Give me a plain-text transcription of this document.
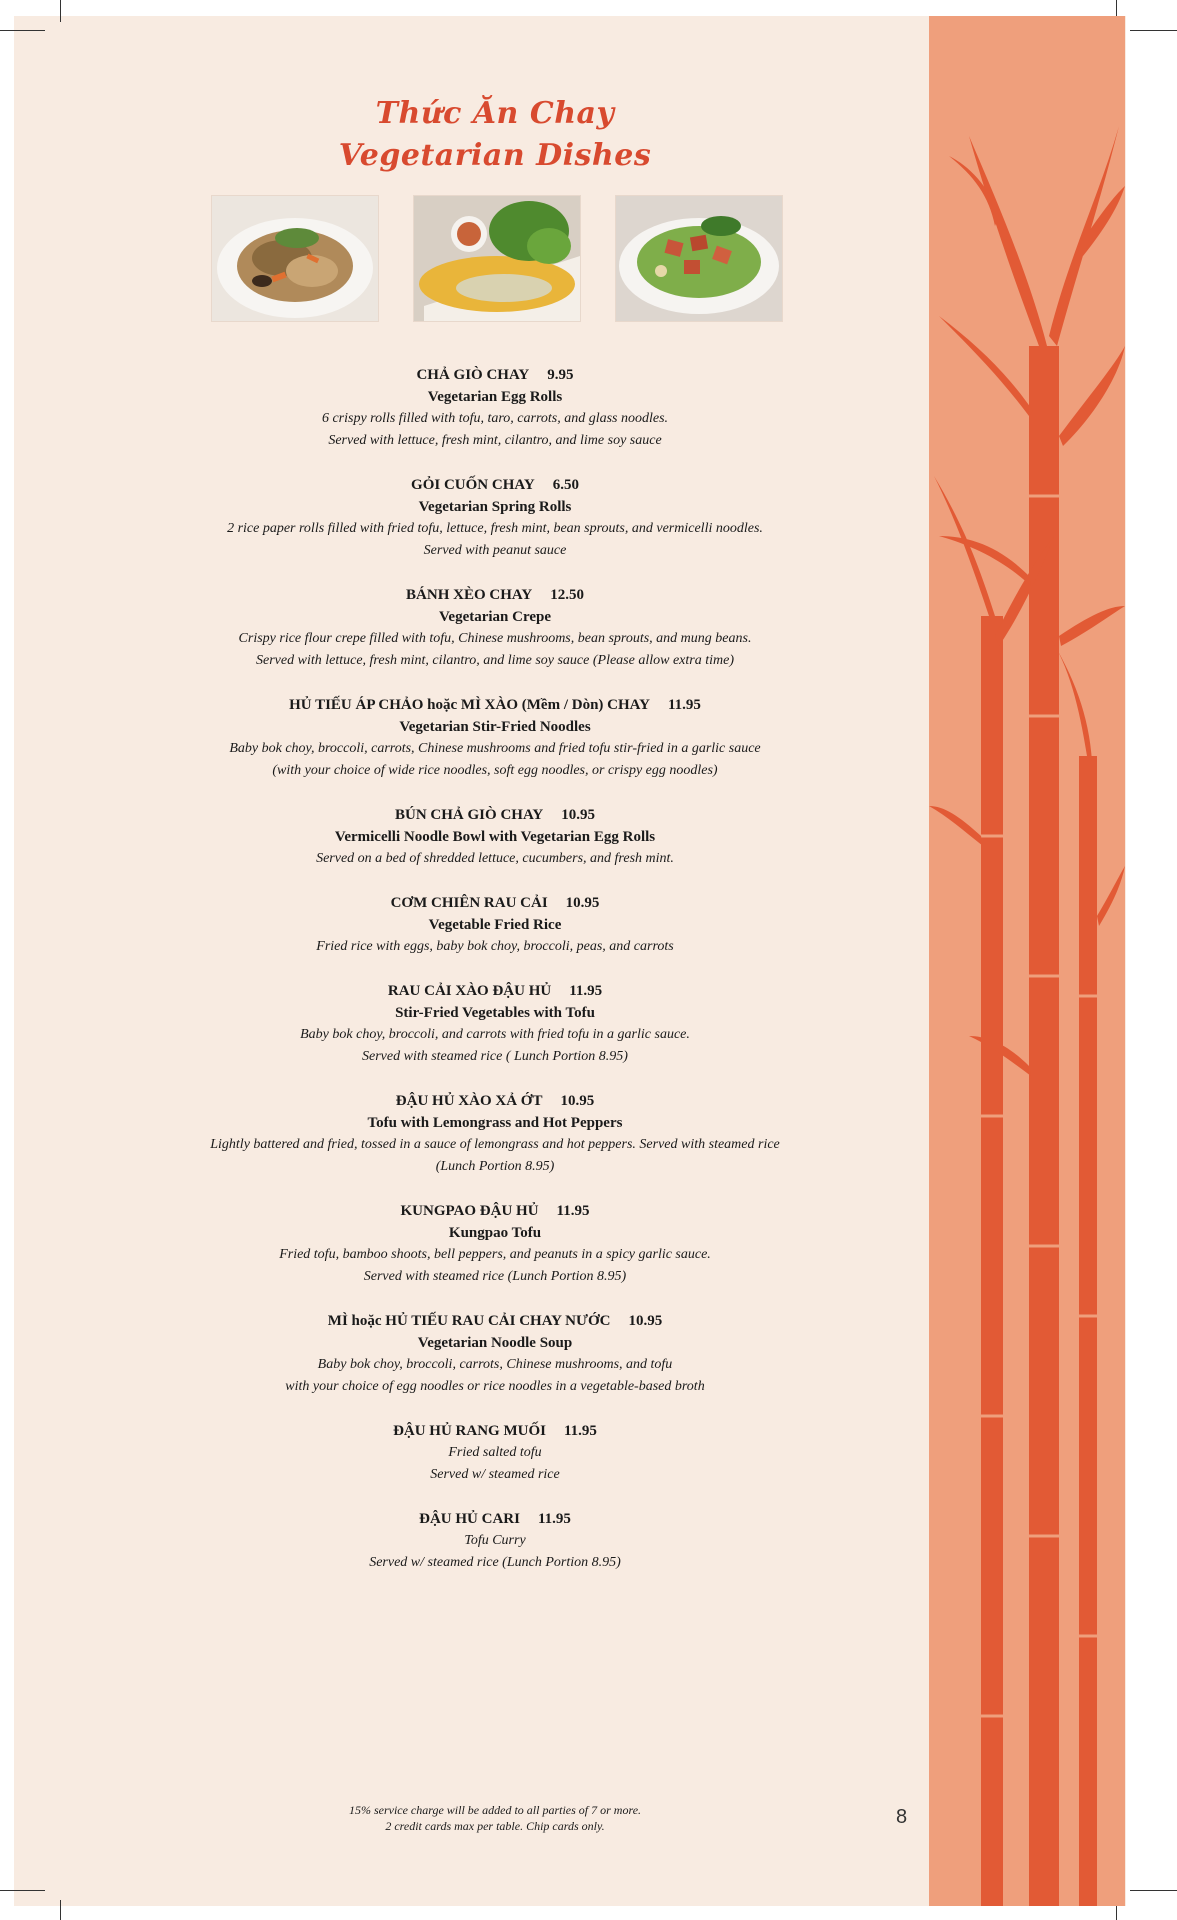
Thức Ăn Chay
Vegetarian Dishes
CHẢ GIÒ CHAY 9.95
Vegetarian Egg Rolls
6 crispy rolls filled with tofu, taro, carrots, and glass noodles.
Served with lettuce, fresh mint, cilantro, and lime soy sauce
GỎI CUỐN CHAY 6.50
Vegetarian Spring Rolls
2 rice paper rolls filled with fried tofu, lettuce, fresh mint, bean sprouts, and vermicelli noodles.
Served with peanut sauce
BÁNH XÈO CHAY 12.50
Vegetarian Crepe
Crispy rice flour crepe filled with tofu, Chinese mushrooms, bean sprouts, and mung beans.
Served with lettuce, fresh mint, cilantro, and lime soy sauce (Please allow extra time)
HỦ TIẾU ÁP CHẢO hoặc MÌ XÀO (Mềm / Dòn) CHAY 11.95
Vegetarian Stir-Fried Noodles
Baby bok choy, broccoli, carrots, Chinese mushrooms and fried tofu stir-fried in a garlic sauce
(with your choice of wide rice noodles, soft egg noodles, or crispy egg noodles)
BÚN CHẢ GIÒ CHAY 10.95
Vermicelli Noodle Bowl with Vegetarian Egg Rolls
Served on a bed of shredded lettuce, cucumbers, and fresh mint.
CƠM CHIÊN RAU CẢI 10.95
Vegetable Fried Rice
Fried rice with eggs, baby bok choy, broccoli, peas, and carrots
RAU CẢI XÀO ĐẬU HỦ 11.95
Stir-Fried Vegetables with Tofu
Baby bok choy, broccoli, and carrots with fried tofu in a garlic sauce.
Served with steamed rice ( Lunch Portion 8.95)
ĐẬU HỦ XÀO XẢ ỚT 10.95
Tofu with Lemongrass and Hot Peppers
Lightly battered and fried, tossed in a sauce of lemongrass and hot peppers. Served with steamed rice
(Lunch Portion 8.95)
KUNGPAO ĐẬU HỦ 11.95
Kungpao Tofu
Fried tofu, bamboo shoots, bell peppers, and peanuts in a spicy garlic sauce.
Served with steamed rice (Lunch Portion 8.95)
MÌ hoặc HỦ TIẾU RAU CẢI CHAY NƯỚC 10.95
Vegetarian Noodle Soup
Baby bok choy, broccoli, carrots, Chinese mushrooms, and tofu
with your choice of egg noodles or rice noodles in a vegetable-based broth
ĐẬU HỦ RANG MUỐI 11.95
Fried salted tofu
Served w/ steamed rice
ĐẬU HỦ CARI 11.95
Tofu Curry
Served w/ steamed rice (Lunch Portion 8.95)
15% service charge will be added to all parties of 7 or more.
2 credit cards max per table. Chip cards only.	8
